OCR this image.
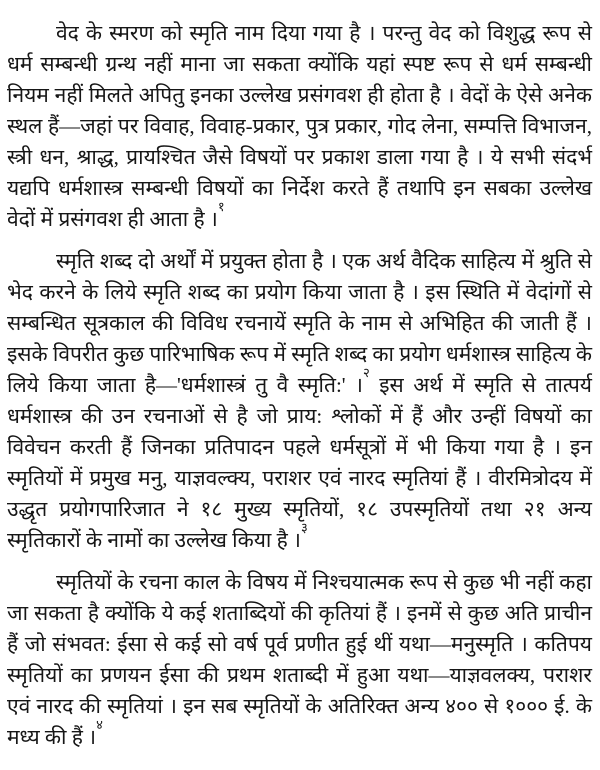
वेद के स्मरण को स्मृति नाम दिया गया है । परन्तु वेद को विशुद्ध रूप से धर्म सम्बन्धी ग्रन्थ नहीं माना जा सकता क्योंकि यहां स्पष्ट रूप से धर्म सम्बन्धी नियम नहीं मिलते अपितु इनका उल्लेख प्रसंगवश ही होता है । वेदों के ऐसे अनेक स्थल हैं—जहां पर विवाह, विवाह-प्रकार, पुत्र प्रकार, गोद लेना, सम्पत्ति विभाजन, स्त्री धन, श्राद्ध, प्रायश्चित जैसे विषयों पर प्रकाश डाला गया है । ये सभी संदर्भ यद्यपि धर्मशास्त्र सम्बन्धी विषयों का निर्देश करते हैं तथापि इन सबका उल्लेख वेदों में प्रसंगवश ही आता है ।$^१$

स्मृति शब्द दो अर्थों में प्रयुक्त होता है । एक अर्थ वैदिक साहित्य में श्रुति से भेद करने के लिये स्मृति शब्द का प्रयोग किया जाता है । इस स्थिति में वेदांगों से सम्बन्धित सूत्रकाल की विविध रचनायें स्मृति के नाम से अभिहित की जाती हैं । इसके विपरीत कुछ पारिभाषिक रूप में स्मृति शब्द का प्रयोग धर्मशास्त्र साहित्य के लिये किया जाता है—'धर्मशास्त्रं तु वै स्मृति:' ।$^२$ इस अर्थ में स्मृति से तात्पर्य धर्मशास्त्र की उन रचनाओं से है जो प्राय: श्लोकों में हैं और उन्हीं विषयों का विवेचन करती हैं जिनका प्रतिपादन पहले धर्मसूत्रों में भी किया गया है । इन स्मृतियों में प्रमुख मनु, याज्ञवल्क्य, पराशर एवं नारद स्मृतियां हैं । वीरमित्रोदय में उद्धृत प्रयोगपारिजात ने १८ मुख्य स्मृतियों, १८ उपस्मृतियों तथा २१ अन्य स्मृतिकारों के नामों का उल्लेख किया है ।$^३$

स्मृतियों के रचना काल के विषय में निश्चयात्मक रूप से कुछ भी नहीं कहा जा सकता है क्योंकि ये कई शताब्दियों की कृतियां हैं । इनमें से कुछ अति प्राचीन हैं जो संभवत: ईसा से कई सो वर्ष पूर्व प्रणीत हुई थीं यथा—मनुस्मृति । कतिपय स्मृतियों का प्रणयन ईसा की प्रथम शताब्दी में हुआ यथा—याज्ञवलक्य, पराशर एवं नारद की स्मृतियां । इन सब स्मृतियों के अतिरिक्त अन्य ४०० से १००० ई. के मध्य की हैं ।$^४$
